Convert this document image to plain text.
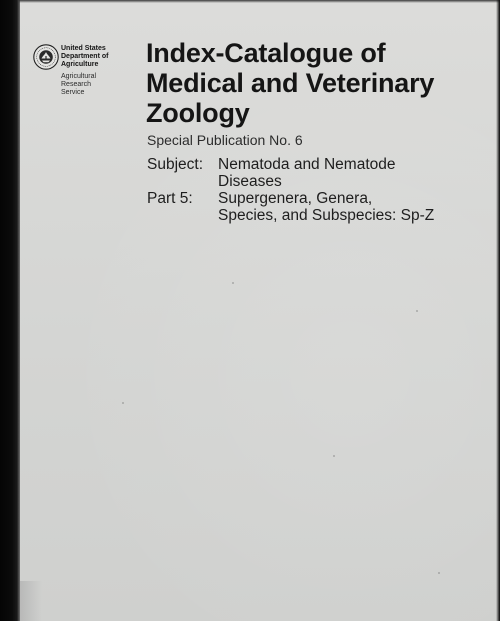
United States
Department of
Agriculture
Agricultural
Research
Service
Index-Catalogue of
Medical and Veterinary
Zoology
Special Publication No. 6
Subject: Nematoda and Nematode
Diseases
Part 5: Supergenera, Genera,
Species, and Subspecies: Sp-Z
